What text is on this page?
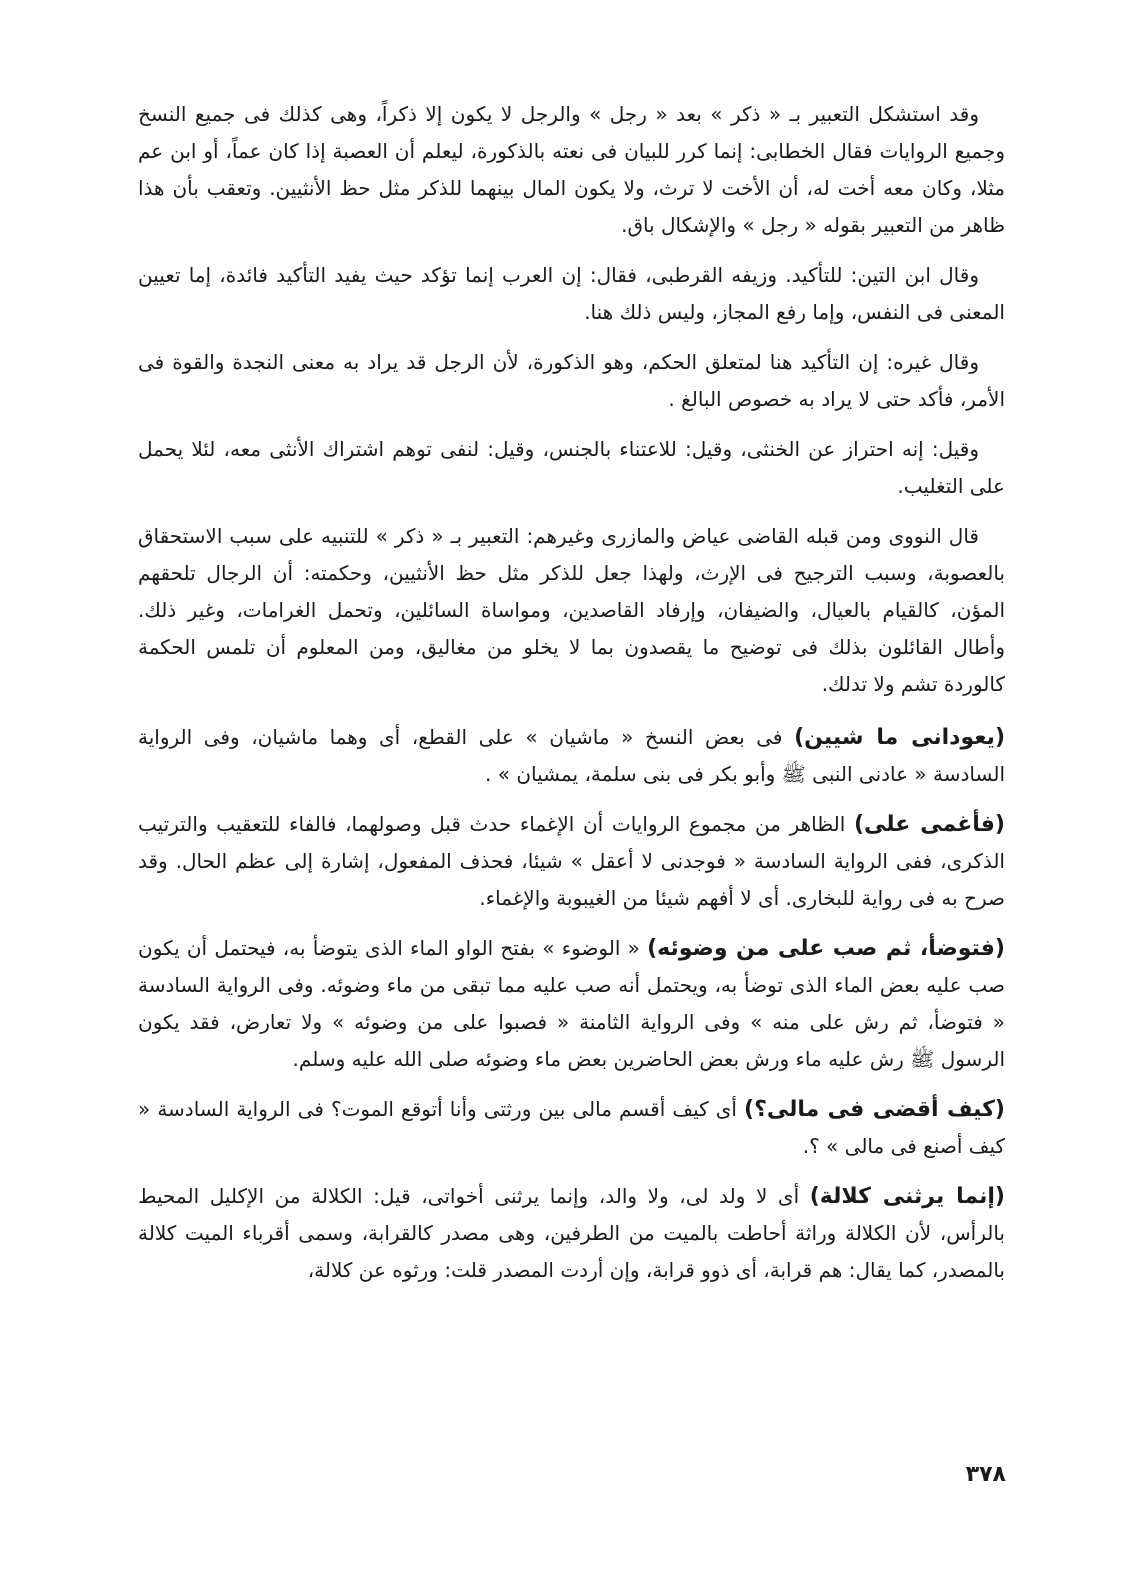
وقد استشكل التعبير بـ « ذكر » بعد « رجل » والرجل لا يكون إلا ذكراً، وهى كذلك فى جميع النسخ وجميع الروايات فقال الخطابى: إنما كرر للبيان فى نعته بالذكورة، ليعلم أن العصبة إذا كان عماً، أو ابن عم مثلا، وكان معه أخت له، أن الأخت لا ترث، ولا يكون المال بينهما للذكر مثل حظ الأنثيين. وتعقب بأن هذا ظاهر من التعبير بقوله « رجل » والإشكال باق.

وقال ابن التين: للتأكيد. وزيفه القرطبى، فقال: إن العرب إنما تؤكد حيث يفيد التأكيد فائدة، إما تعيين المعنى فى النفس، وإما رفع المجاز، وليس ذلك هنا.

وقال غيره: إن التأكيد هنا لمتعلق الحكم، وهو الذكورة، لأن الرجل قد يراد به معنى النجدة والقوة فى الأمر، فأكد حتى لا يراد به خصوص البالغ .

وقيل: إنه احتراز عن الخنثى، وقيل: للاعتناء بالجنس، وقيل: لنفى توهم اشتراك الأنثى معه، لئلا يحمل على التغليب.

قال النووى ومن قبله القاضى عياض والمازرى وغيرهم: التعبير بـ « ذكر » للتنبيه على سبب الاستحقاق بالعصوبة، وسبب الترجيح فى الإرث، ولهذا جعل للذكر مثل حظ الأنثيين، وحكمته: أن الرجال تلحقهم المؤن، كالقيام بالعيال، والضيفان، وإرفاد القاصدين، ومواساة السائلين، وتحمل الغرامات، وغير ذلك. وأطال القائلون بذلك فى توضيح ما يقصدون بما لا يخلو من مغاليق، ومن المعلوم أن تلمس الحكمة كالوردة تشم ولا تدلك.

(يعودانى ما شيين) فى بعض النسخ « ماشيان » على القطع، أى وهما ماشيان، وفى الرواية السادسة « عادنى النبى ﷺ وأبو بكر فى بنى سلمة، يمشيان » .

(فأغمى على) الظاهر من مجموع الروايات أن الإغماء حدث قبل وصولهما، فالفاء للتعقيب والترتيب الذكرى، ففى الرواية السادسة « فوجدنى لا أعقل » شيئا، فحذف المفعول، إشارة إلى عظم الحال. وقد صرح به فى رواية للبخارى. أى لا أفهم شيئا من الغيبوبة والإغماء.

(فتوضأ، ثم صب على من وضوئه) « الوضوء » بفتح الواو الماء الذى يتوضأ به، فيحتمل أن يكون صب عليه بعض الماء الذى توضأ به، ويحتمل أنه صب عليه مما تبقى من ماء وضوئه. وفى الرواية السادسة « فتوضأ، ثم رش على منه » وفى الرواية الثامنة « فصبوا على من وضوئه » ولا تعارض، فقد يكون الرسول ﷺ رش عليه ماء ورش بعض الحاضرين بعض ماء وضوئه صلى الله عليه وسلم.

(كيف أقضى فى مالى؟) أى كيف أقسم مالى بين ورثتى وأنا أتوقع الموت؟ فى الرواية السادسة « كيف أصنع فى مالى » ؟.

(إنما يرثنى كلالة) أى لا ولد لى، ولا والد، وإنما يرثنى أخواتى، قيل: الكلالة من الإكليل المحيط بالرأس، لأن الكلالة وراثة أحاطت بالميت من الطرفين، وهى مصدر كالقرابة، وسمى أقرباء الميت كلالة بالمصدر، كما يقال: هم قرابة، أى ذوو قرابة، وإن أردت المصدر قلت: ورثوه عن كلالة،

٣٧٨
